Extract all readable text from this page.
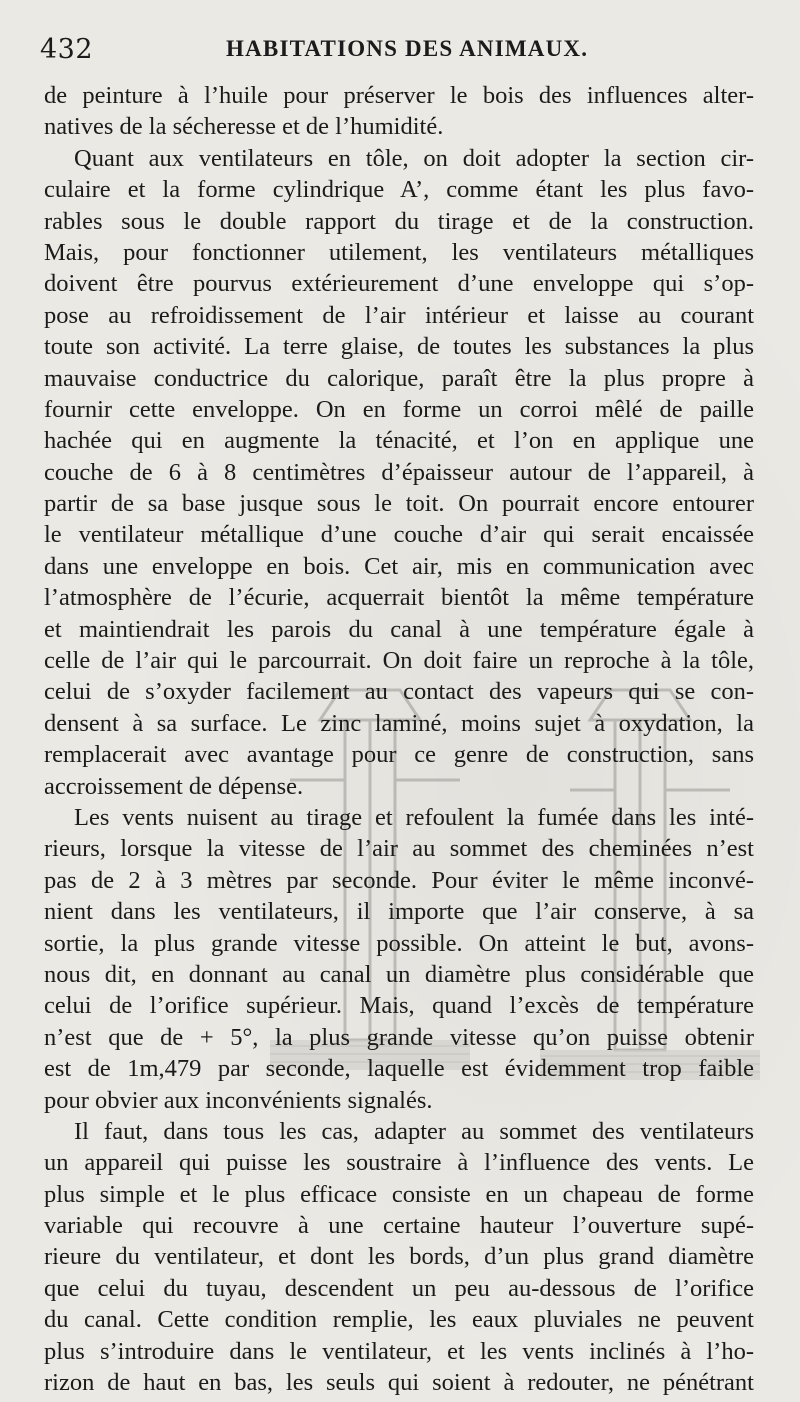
432	HABITATIONS DES ANIMAUX.
de peinture à l’huile pour préserver le bois des influences alter-
natives de la sécheresse et de l’humidité.
Quant aux ventilateurs en tôle, on doit adopter la section cir-
culaire et la forme cylindrique A’, comme étant les plus favo-
rables sous le double rapport du tirage et de la construction.
Mais, pour fonctionner utilement, les ventilateurs métalliques
doivent être pourvus extérieurement d’une enveloppe qui s’op-
pose au refroidissement de l’air intérieur et laisse au courant
toute son activité. La terre glaise, de toutes les substances la plus
mauvaise conductrice du calorique, paraît être la plus propre à
fournir cette enveloppe. On en forme un corroi mêlé de paille
hachée qui en augmente la ténacité, et l’on en applique une
couche de 6 à 8 centimètres d’épaisseur autour de l’appareil, à
partir de sa base jusque sous le toit. On pourrait encore entourer
le ventilateur métallique d’une couche d’air qui serait encaissée
dans une enveloppe en bois. Cet air, mis en communication avec
l’atmosphère de l’écurie, acquerrait bientôt la même température
et maintiendrait les parois du canal à une température égale à
celle de l’air qui le parcourrait. On doit faire un reproche à la tôle,
celui de s’oxyder facilement au contact des vapeurs qui se con-
densent à sa surface. Le zinc laminé, moins sujet à oxydation, la
remplacerait avec avantage pour ce genre de construction, sans
accroissement de dépense.
Les vents nuisent au tirage et refoulent la fumée dans les inté-
rieurs, lorsque la vitesse de l’air au sommet des cheminées n’est
pas de 2 à 3 mètres par seconde. Pour éviter le même inconvé-
nient dans les ventilateurs, il importe que l’air conserve, à sa
sortie, la plus grande vitesse possible. On atteint le but, avons-
nous dit, en donnant au canal un diamètre plus considérable que
celui de l’orifice supérieur. Mais, quand l’excès de température
n’est que de + 5°, la plus grande vitesse qu’on puisse obtenir
est de 1m,479 par seconde, laquelle est évidemment trop faible
pour obvier aux inconvénients signalés.
Il faut, dans tous les cas, adapter au sommet des ventilateurs
un appareil qui puisse les soustraire à l’influence des vents. Le
plus simple et le plus efficace consiste en un chapeau de forme
variable qui recouvre à une certaine hauteur l’ouverture supé-
rieure du ventilateur, et dont les bords, d’un plus grand diamètre
que celui du tuyau, descendent un peu au-dessous de l’orifice
du canal. Cette condition remplie, les eaux pluviales ne peuvent
plus s’introduire dans le ventilateur, et les vents inclinés à l’ho-
rizon de haut en bas, les seuls qui soient à redouter, ne pénétrant
